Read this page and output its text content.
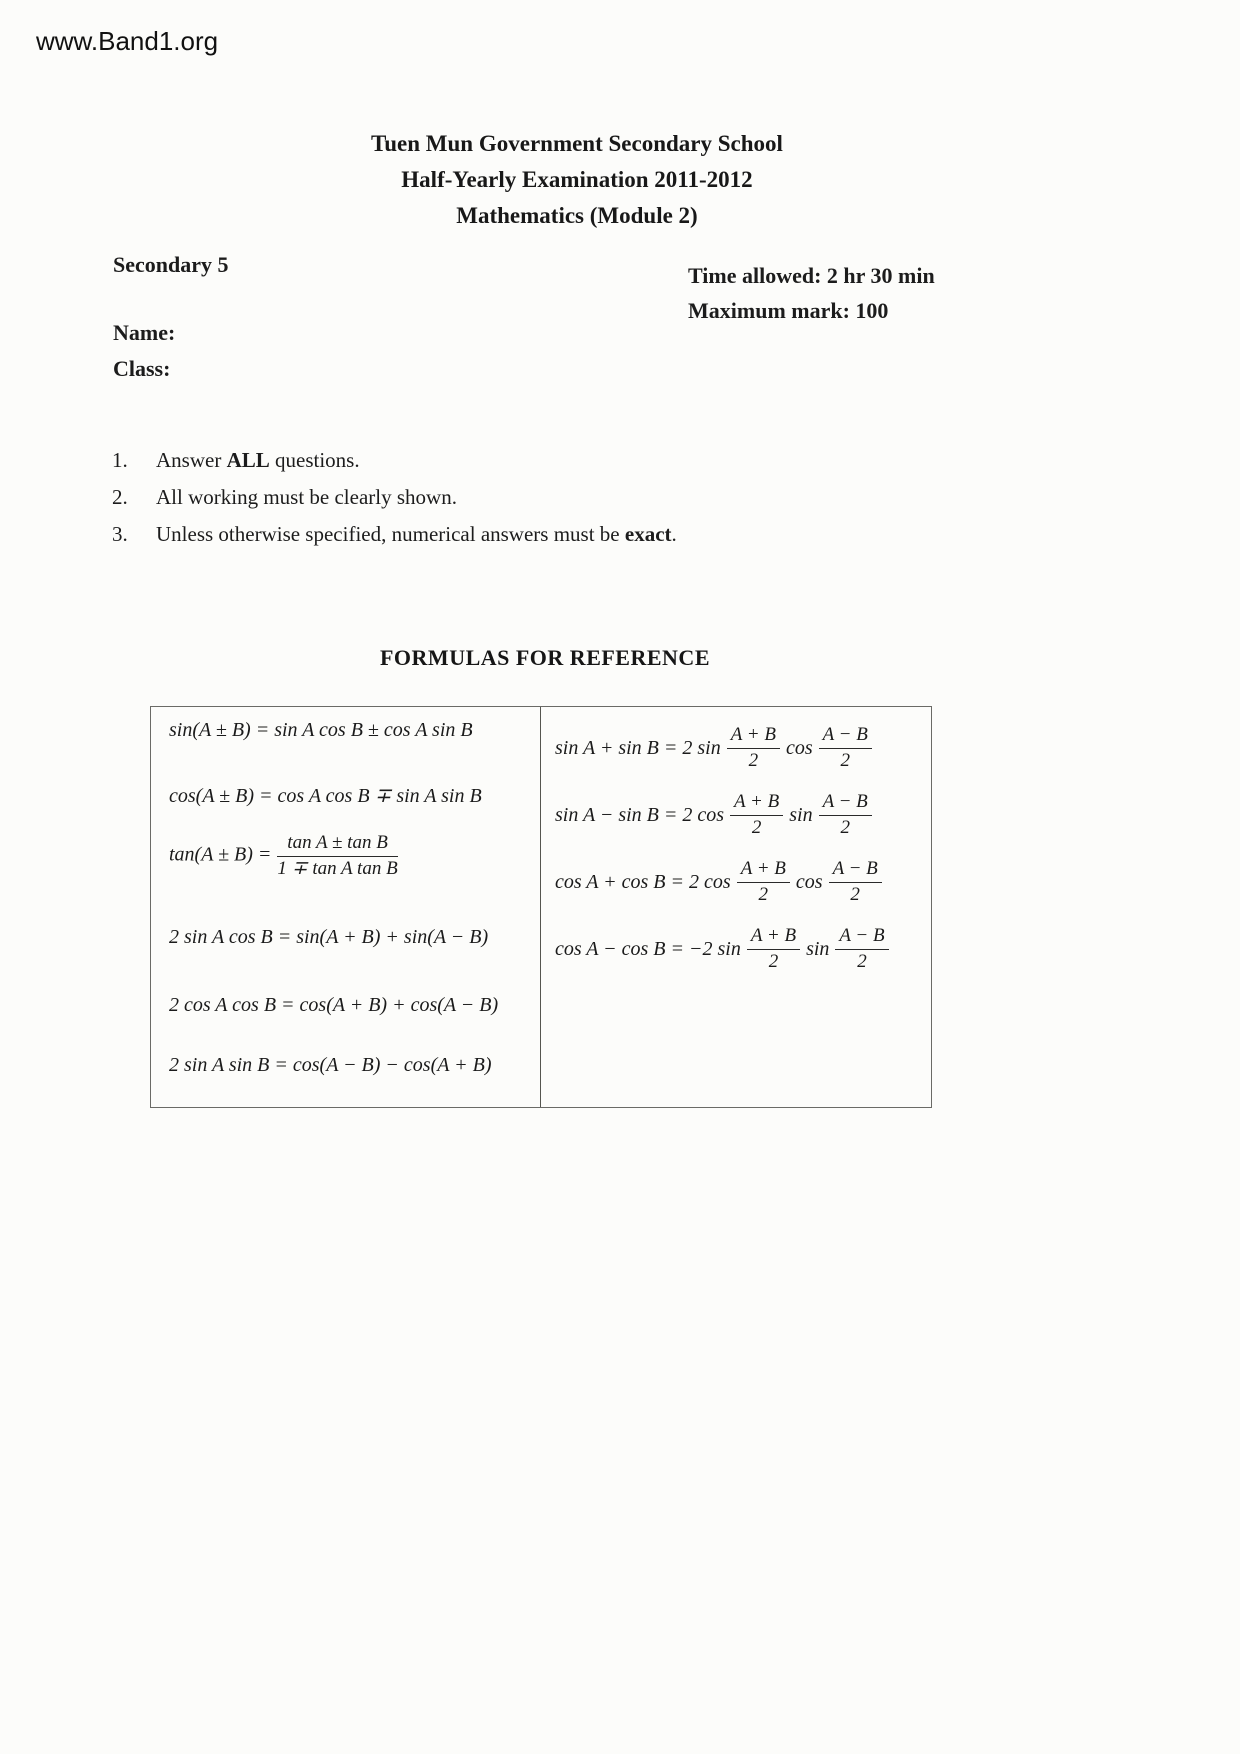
www.Band1.org
Tuen Mun Government Secondary School
Half-Yearly Examination 2011-2012
Mathematics (Module 2)
Secondary 5	Time allowed: 2 hr 30 min
Maximum mark: 100
Name:
Class:
1.	Answer ALL questions.
2.	All working must be clearly shown.
3.	Unless otherwise specified, numerical answers must be exact.
FORMULAS FOR REFERENCE
sin(A ± B) = sin A cos B ± cos A sin B
cos(A ± B) = cos A cos B ∓ sin A sin B
$\tan(A \pm B) = \frac{\text{tan A ± tan B}}{\text{1 ∓ tan A tan B}}$
2 sin A cos B = sin(A + B) + sin(A − B)
2 cos A cos B = cos(A + B) + cos(A − B)
2 sin A sin B = cos(A − B) − cos(A + B)
sin A + sin B = 2 $\sin \frac{A + B}{2}$ $\cos \frac{A - B}{2}$
sin A − sin B = 2 $\cos \frac{A + B}{2}$ $\sin \frac{A - B}{2}$
cos A + cos B = 2 $\cos \frac{A + B}{2}$ $\cos \frac{A - B}{2}$
cos A − cos B = −2 $\sin \frac{A + B}{2}$ $\sin \frac{A - B}{2}$
